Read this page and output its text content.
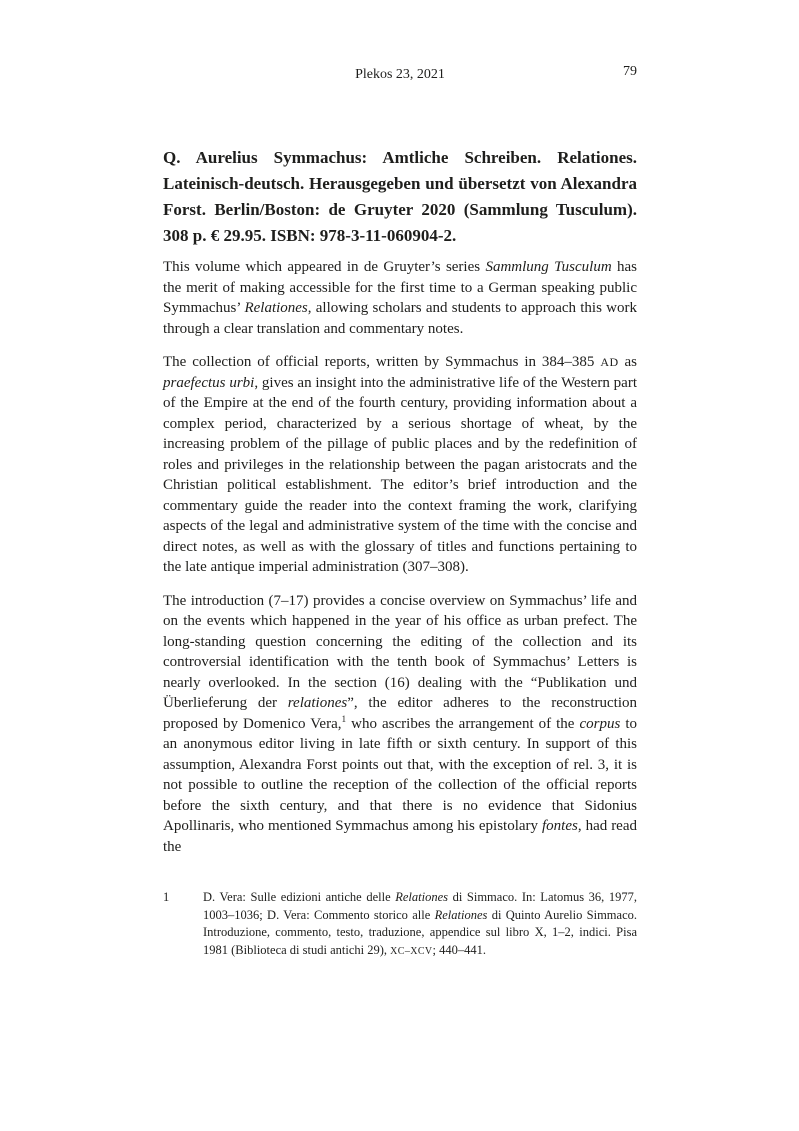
Plekos 23, 2021	79
Q. Aurelius Symmachus: Amtliche Schreiben. Relationes. Lateinisch-deutsch. Herausgegeben und übersetzt von Alexandra Forst. Berlin/Boston: de Gruyter 2020 (Sammlung Tusculum). 308 p. € 29.95. ISBN: 978-3-11-060904-2.

This volume which appeared in de Gruyter’s series Sammlung Tusculum has the merit of making accessible for the first time to a German speaking public Symmachus’ Relationes, allowing scholars and students to approach this work through a clear translation and commentary notes.

The collection of official reports, written by Symmachus in 384–385 AD as praefectus urbi, gives an insight into the administrative life of the Western part of the Empire at the end of the fourth century, providing information about a complex period, characterized by a serious shortage of wheat, by the increasing problem of the pillage of public places and by the redefinition of roles and privileges in the relationship between the pagan aristocrats and the Christian political establishment. The editor’s brief introduction and the commentary guide the reader into the context framing the work, clarifying aspects of the legal and administrative system of the time with the concise and direct notes, as well as with the glossary of titles and functions pertaining to the late antique imperial administration (307–308).

The introduction (7–17) provides a concise overview on Symmachus’ life and on the events which happened in the year of his office as urban prefect. The long-standing question concerning the editing of the collection and its controversial identification with the tenth book of Symmachus’ Letters is nearly overlooked. In the section (16) dealing with the “Publikation und Überlieferung der relationes”, the editor adheres to the reconstruction proposed by Domenico Vera,$^1$ who ascribes the arrangement of the corpus to an anonymous editor living in late fifth or sixth century. In support of this assumption, Alexandra Forst points out that, with the exception of rel. 3, it is not possible to outline the reception of the collection of the official reports before the sixth century, and that there is no evidence that Sidonius Apollinaris, who mentioned Symmachus among his epistolary fontes, had read the

1	D. Vera: Sulle edizioni antiche delle Relationes di Simmaco. In: Latomus 36, 1977, 1003–1036; D. Vera: Commento storico alle Relationes di Quinto Aurelio Simmaco. Introduzione, commento, testo, traduzione, appendice sul libro X, 1–2, indici. Pisa 1981 (Biblioteca di studi antichi 29), XC–XCV; 440–441.
